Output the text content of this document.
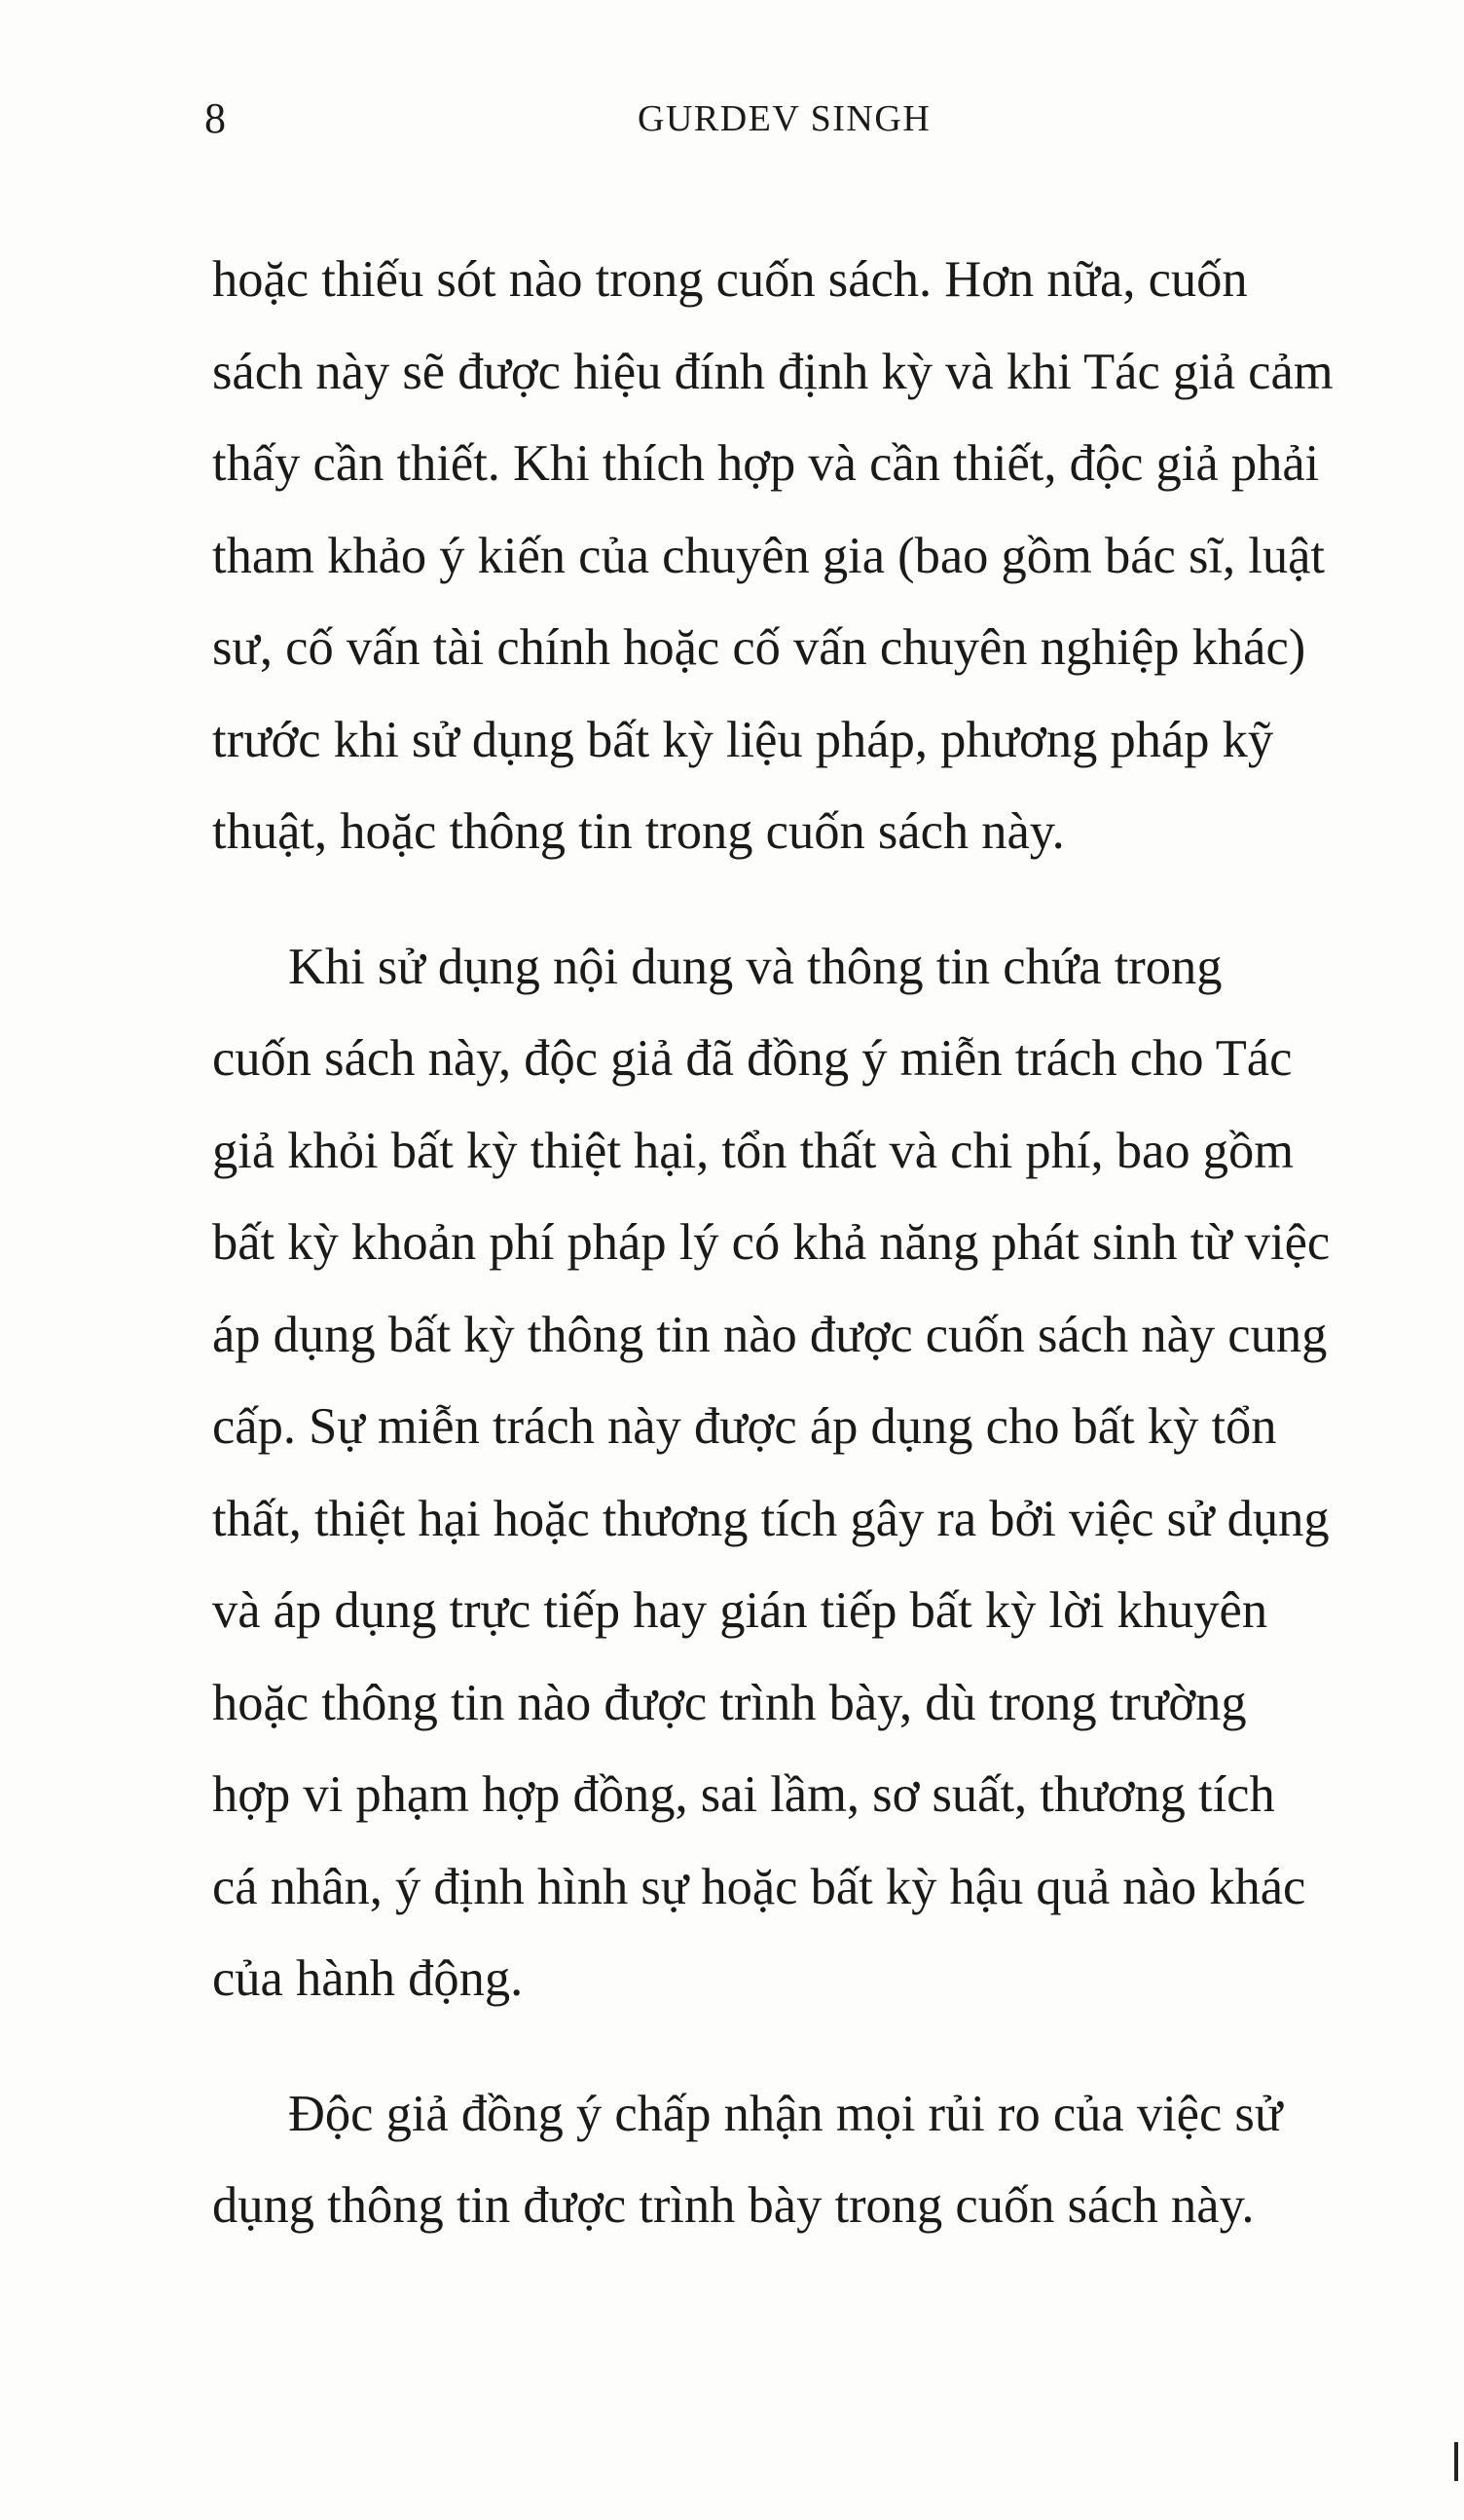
8	GURDEV SINGH

hoặc thiếu sót nào trong cuốn sách. Hơn nữa, cuốn
sách này sẽ được hiệu đính định kỳ và khi Tác giả cảm
thấy cần thiết. Khi thích hợp và cần thiết, độc giả phải
tham khảo ý kiến của chuyên gia (bao gồm bác sĩ, luật
sư, cố vấn tài chính hoặc cố vấn chuyên nghiệp khác)
trước khi sử dụng bất kỳ liệu pháp, phương pháp kỹ
thuật, hoặc thông tin trong cuốn sách này.

Khi sử dụng nội dung và thông tin chứa trong
cuốn sách này, độc giả đã đồng ý miễn trách cho Tác
giả khỏi bất kỳ thiệt hại, tổn thất và chi phí, bao gồm
bất kỳ khoản phí pháp lý có khả năng phát sinh từ việc
áp dụng bất kỳ thông tin nào được cuốn sách này cung
cấp. Sự miễn trách này được áp dụng cho bất kỳ tổn
thất, thiệt hại hoặc thương tích gây ra bởi việc sử dụng
và áp dụng trực tiếp hay gián tiếp bất kỳ lời khuyên
hoặc thông tin nào được trình bày, dù trong trường
hợp vi phạm hợp đồng, sai lầm, sơ suất, thương tích
cá nhân, ý định hình sự hoặc bất kỳ hậu quả nào khác
của hành động.

Độc giả đồng ý chấp nhận mọi rủi ro của việc sử
dụng thông tin được trình bày trong cuốn sách này.
